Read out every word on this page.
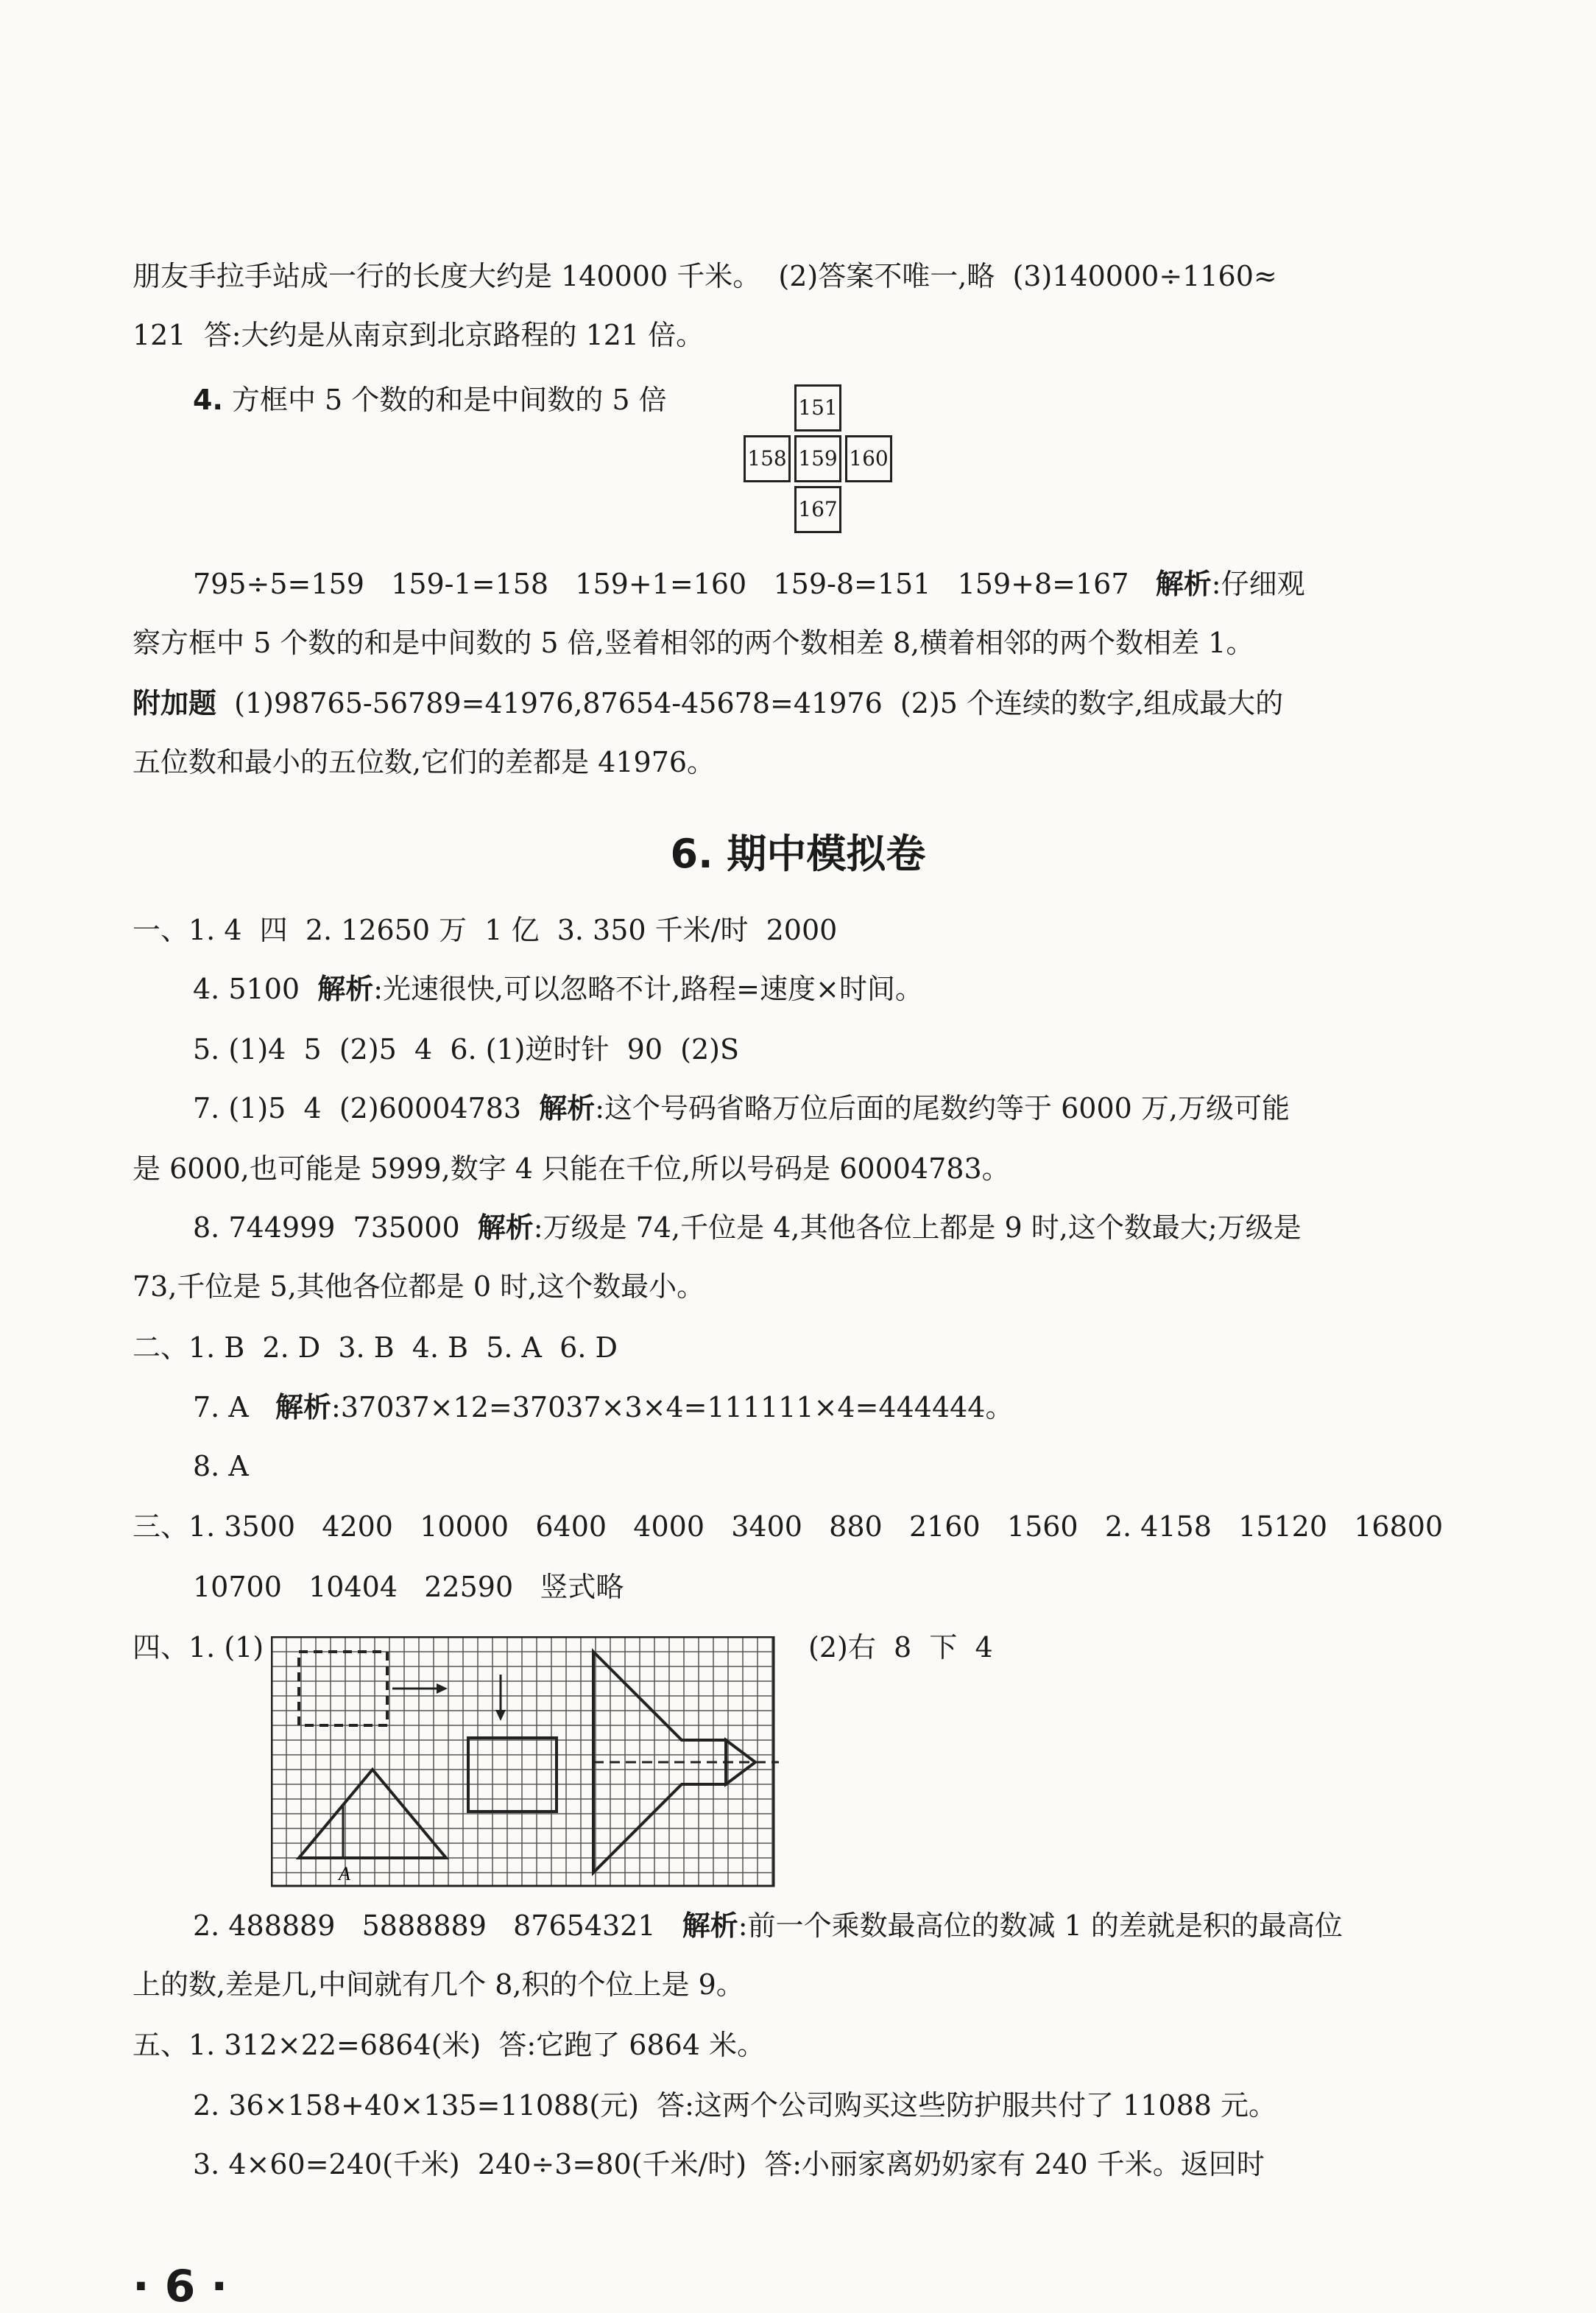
朋友手拉手站成一行的长度大约是 140000 千米。  (2)答案不唯一,略  (3)140000÷1160≈
121  答:大约是从南京到北京路程的 121 倍。
4. 方框中 5 个数的和是中间数的 5 倍	151
158 159 160
167
795÷5=159   159-1=158   159+1=160   159-8=151   159+8=167   解析:仔细观
察方框中 5 个数的和是中间数的 5 倍,竖着相邻的两个数相差 8,横着相邻的两个数相差 1。
附加题  (1)98765-56789=41976,87654-45678=41976  (2)5 个连续的数字,组成最大的
五位数和最小的五位数,它们的差都是 41976。
6. 期中模拟卷
一、1. 4  四  2. 12650 万  1 亿  3. 350 千米/时  2000
4. 5100  解析:光速很快,可以忽略不计,路程=速度×时间。
5. (1)4  5  (2)5  4  6. (1)逆时针  90  (2)S
7. (1)5  4  (2)60004783  解析:这个号码省略万位后面的尾数约等于 6000 万,万级可能
是 6000,也可能是 5999,数字 4 只能在千位,所以号码是 60004783。
8. 744999  735000  解析:万级是 74,千位是 4,其他各位上都是 9 时,这个数最大;万级是
73,千位是 5,其他各位都是 0 时,这个数最小。
二、1. B  2. D  3. B  4. B  5. A  6. D
7. A   解析:37037×12=37037×3×4=111111×4=444444。
8. A
三、1. 3500   4200   10000   6400   4000   3400   880   2160   1560   2. 4158   15120   16800
10700   10404   22590   竖式略
四、1. (1)	(2)右  8  下  4
A
2. 488889   5888889   87654321   解析:前一个乘数最高位的数减 1 的差就是积的最高位
上的数,差是几,中间就有几个 8,积的个位上是 9。
五、1. 312×22=6864(米)  答:它跑了 6864 米。
2. 36×158+40×135=11088(元)  答:这两个公司购买这些防护服共付了 11088 元。
3. 4×60=240(千米)  240÷3=80(千米/时)  答:小丽家离奶奶家有 240 千米。返回时
· 6 ·
